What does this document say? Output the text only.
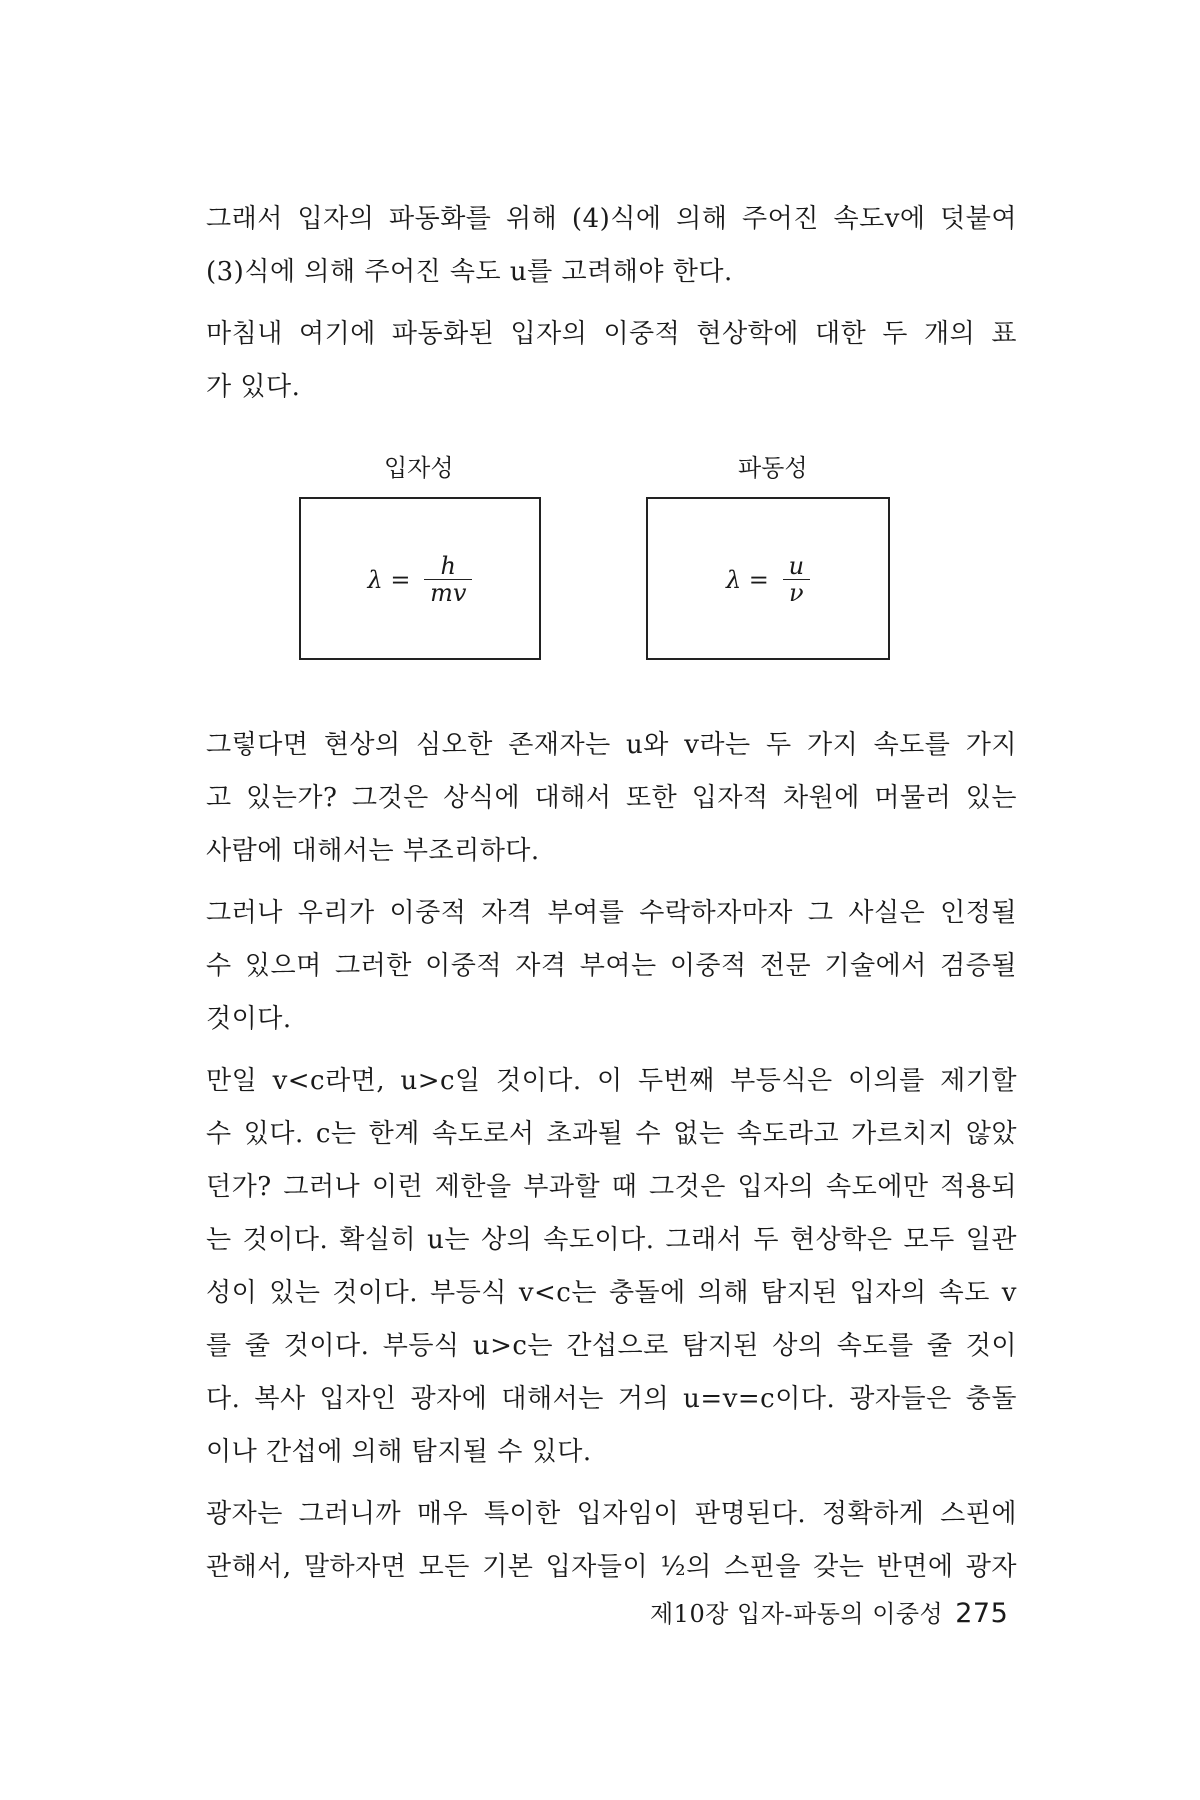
그래서 입자의 파동화를 위해 (4)식에 의해 주어진 속도v에 덧붙여
(3)식에 의해 주어진 속도 u를 고려해야 한다.

마침내 여기에 파동화된 입자의 이중적 현상학에 대한 두 개의 표
가 있다.

입자성	파동성
$\lambda = \frac{h}{mv}$	$\lambda = \frac{u}{\nu}$

그렇다면 현상의 심오한 존재자는 u와 v라는 두 가지 속도를 가지
고 있는가? 그것은 상식에 대해서 또한 입자적 차원에 머물러 있는
사람에 대해서는 부조리하다.

그러나 우리가 이중적 자격 부여를 수락하자마자 그 사실은 인정될
수 있으며 그러한 이중적 자격 부여는 이중적 전문 기술에서 검증될
것이다.

만일 v<c라면, u>c일 것이다. 이 두번째 부등식은 이의를 제기할
수 있다. c는 한계 속도로서 초과될 수 없는 속도라고 가르치지 않았
던가? 그러나 이런 제한을 부과할 때 그것은 입자의 속도에만 적용되
는 것이다. 확실히 u는 상의 속도이다. 그래서 두 현상학은 모두 일관
성이 있는 것이다. 부등식 v<c는 충돌에 의해 탐지된 입자의 속도 v
를 줄 것이다. 부등식 u>c는 간섭으로 탐지된 상의 속도를 줄 것이
다. 복사 입자인 광자에 대해서는 거의 u=v=c이다. 광자들은 충돌
이나 간섭에 의해 탐지될 수 있다.

광자는 그러니까 매우 특이한 입자임이 판명된다. 정확하게 스핀에
관해서, 말하자면 모든 기본 입자들이 ½의 스핀을 갖는 반면에 광자

제10장 입자-파동의 이중성 275
